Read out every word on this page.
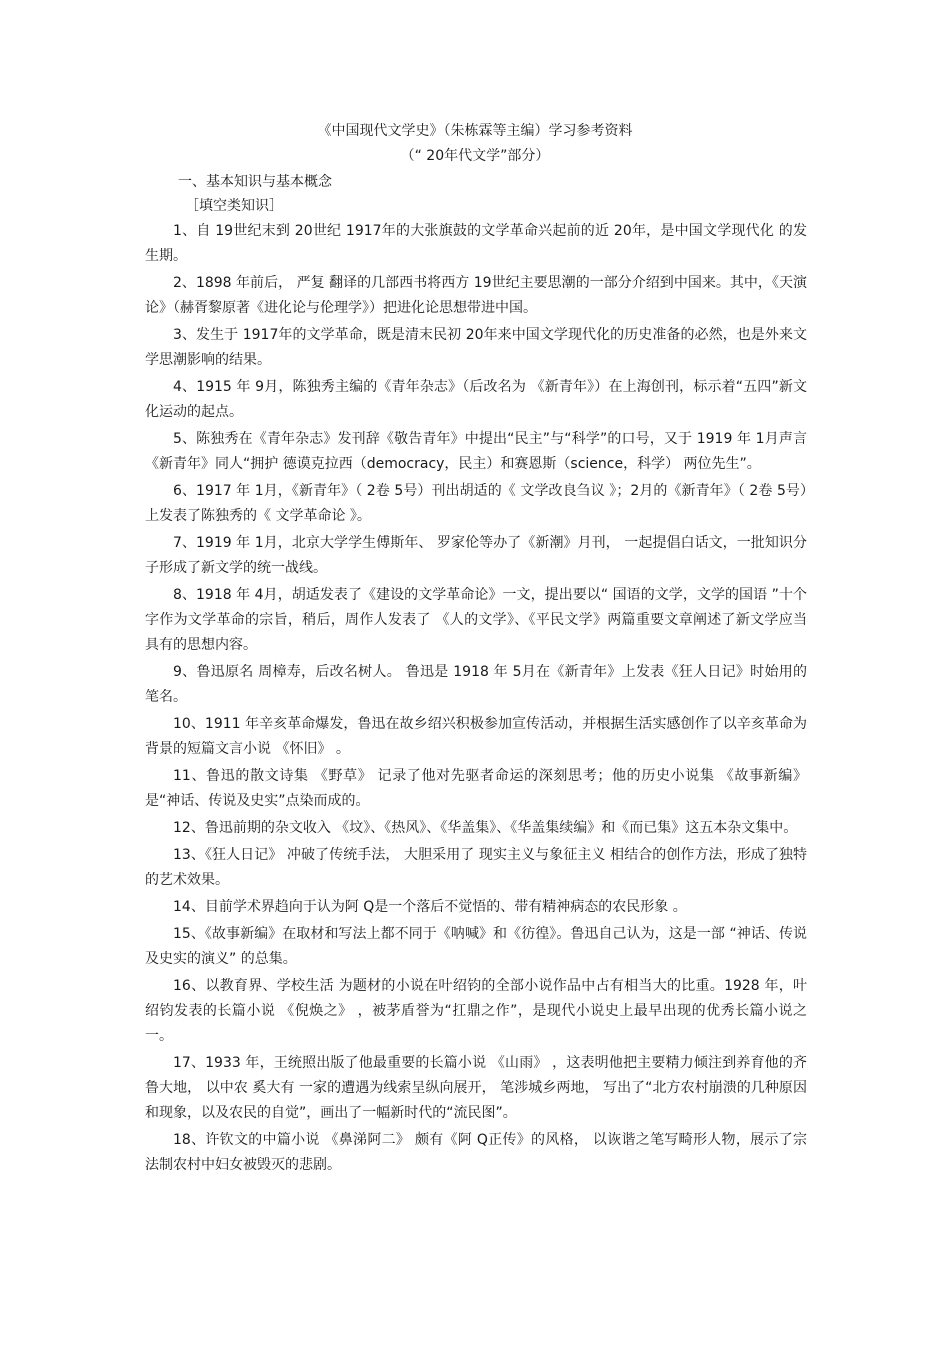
《中国现代文学史》（朱栋霖等主编）学习参考资料
（“ 20年代文学”部分）
一、基本知识与基本概念
［填空类知识］

1、自 19世纪末到 20世纪 1917年的大张旗鼓的文学革命兴起前的近 20年，是中国文学现代化 的发生期。

2、1898 年前后， 严复 翻译的几部西书将西方 19世纪主要思潮的一部分介绍到中国来。其中，《天演论》（赫胥黎原著《进化论与伦理学》）把进化论思想带进中国。

3、发生于 1917年的文学革命，既是清末民初 20年来中国文学现代化的历史准备的必然，也是外来文学思潮影响的结果。

4、1915 年 9月，陈独秀主编的《青年杂志》（后改名为 《新青年》）在上海创刊，标示着“五四”新文化运动的起点。

5、陈独秀在《青年杂志》发刊辞《敬告青年》中提出“民主”与“科学”的口号，又于 1919 年 1月声言《新青年》同人“拥护 德谟克拉西（democracy，民主）和赛恩斯（science，科学） 两位先生”。

6、1917 年 1月，《新青年》（ 2卷 5号）刊出胡适的《 文学改良刍议 》；2月的《新青年》（ 2卷 5号）上发表了陈独秀的《 文学革命论 》。

7、1919 年 1月，北京大学学生傅斯年、 罗家伦等办了《新潮》月刊， 一起提倡白话文，一批知识分子形成了新文学的统一战线。

8、1918 年 4月，胡适发表了《建设的文学革命论》一文，提出要以“ 国语的文学，文学的国语 ”十个字作为文学革命的宗旨，稍后，周作人发表了 《人的文学》、《平民文学》两篇重要文章阐述了新文学应当具有的思想内容。

9、鲁迅原名 周樟寿，后改名树人。 鲁迅是 1918 年 5月在《新青年》上发表《狂人日记》时始用的笔名。

10、1911 年辛亥革命爆发，鲁迅在故乡绍兴积极参加宣传活动，并根据生活实感创作了以辛亥革命为背景的短篇文言小说 《怀旧》 。

11、鲁迅的散文诗集 《野草》 记录了他对先驱者命运的深刻思考；他的历史小说集 《故事新编》 是“神话、传说及史实”点染而成的。

12、鲁迅前期的杂文收入 《坟》、《热风》、《华盖集》、《华盖集续编》和《而已集》这五本杂文集中。

13、《狂人日记》 冲破了传统手法， 大胆采用了 现实主义与象征主义 相结合的创作方法，形成了独特的艺术效果。

14、目前学术界趋向于认为阿 Q是一个落后不觉悟的、带有精神病态的农民形象 。

15、《故事新编》在取材和写法上都不同于《呐喊》和《彷徨》。鲁迅自己认为，这是一部 “神话、传说及史实的演义” 的总集。

16、以教育界、学校生活 为题材的小说在叶绍钧的全部小说作品中占有相当大的比重。1928 年，叶绍钧发表的长篇小说 《倪焕之》 ，被茅盾誉为“扛鼎之作”，是现代小说史上最早出现的优秀长篇小说之一。

17、1933 年，王统照出版了他最重要的长篇小说 《山雨》 ，这表明他把主要精力倾注到养育他的齐鲁大地， 以中农 奚大有 一家的遭遇为线索呈纵向展开， 笔涉城乡两地， 写出了“北方农村崩溃的几种原因和现象，以及农民的自觉”，画出了一幅新时代的“流民图”。

18、许钦文的中篇小说 《鼻涕阿二》 颇有《阿 Q正传》的风格， 以诙谐之笔写畸形人物，展示了宗法制农村中妇女被毁灭的悲剧。
